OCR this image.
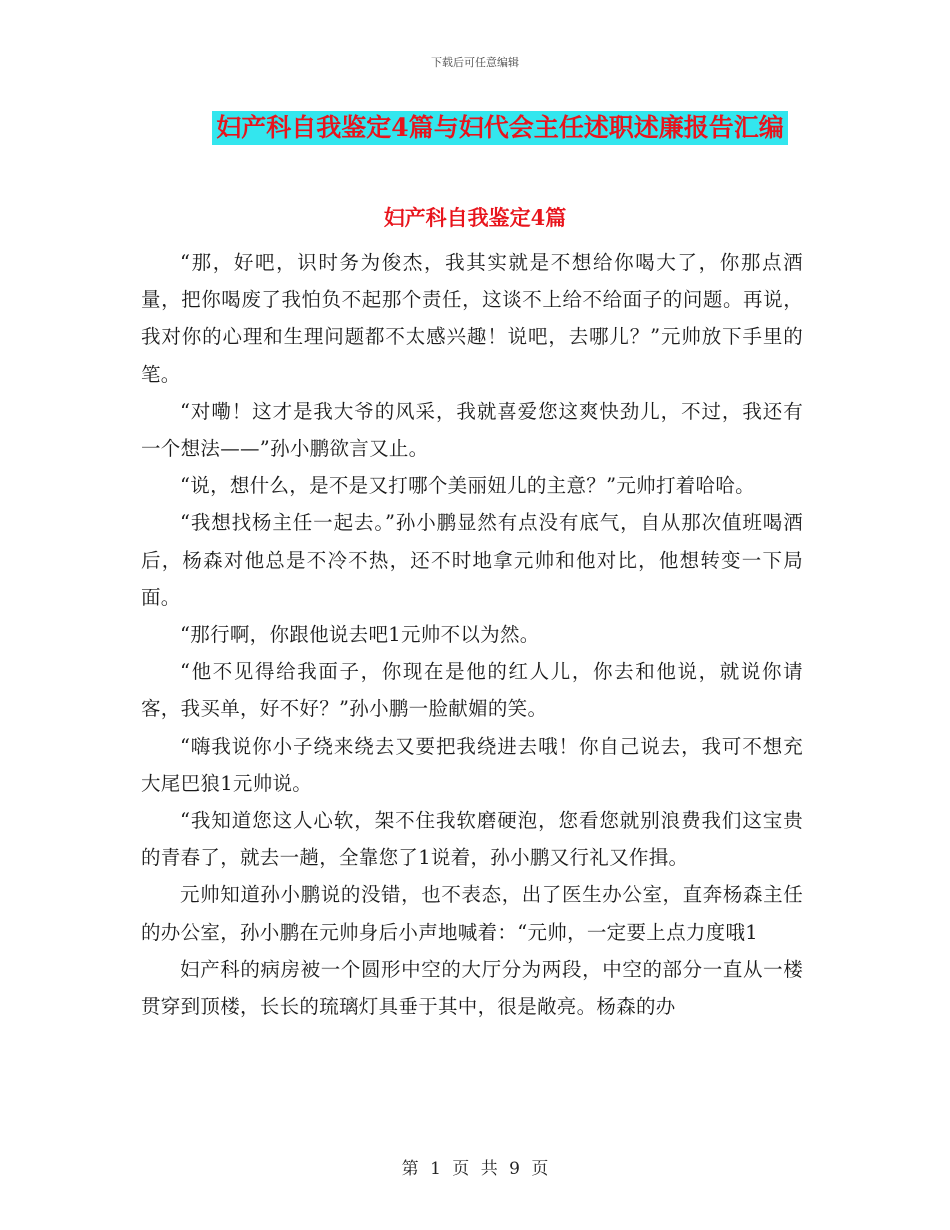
下载后可任意编辑
妇产科自我鉴定4篇与妇代会主任述职述廉报告汇编
妇产科自我鉴定4篇

“那，好吧，识时务为俊杰，我其实就是不想给你喝大了，你那点酒量，把你喝废了我怕负不起那个责任，这谈不上给不给面子的问题。再说，我对你的心理和生理问题都不太感兴趣！说吧，去哪儿？”元帅放下手里的笔。

“对嘞！这才是我大爷的风采，我就喜爱您这爽快劲儿，不过，我还有一个想法——”孙小鹏欲言又止。

“说，想什么，是不是又打哪个美丽妞儿的主意？”元帅打着哈哈。

“我想找杨主任一起去。”孙小鹏显然有点没有底气，自从那次值班喝酒后，杨森对他总是不冷不热，还不时地拿元帅和他对比，他想转变一下局面。

“那行啊，你跟他说去吧1元帅不以为然。

“他不见得给我面子，你现在是他的红人儿，你去和他说，就说你请客，我买单，好不好？”孙小鹏一脸献媚的笑。

“嗨我说你小子绕来绕去又要把我绕进去哦！你自己说去，我可不想充大尾巴狼1元帅说。

“我知道您这人心软，架不住我软磨硬泡，您看您就别浪费我们这宝贵的青春了，就去一趟，全靠您了1说着，孙小鹏又行礼又作揖。

元帅知道孙小鹏说的没错，也不表态，出了医生办公室，直奔杨森主任的办公室，孙小鹏在元帅身后小声地喊着：“元帅，一定要上点力度哦1

妇产科的病房被一个圆形中空的大厅分为两段，中空的部分一直从一楼贯穿到顶楼，长长的琉璃灯具垂于其中，很是敞亮。杨森的办

第 1 页 共 9 页
